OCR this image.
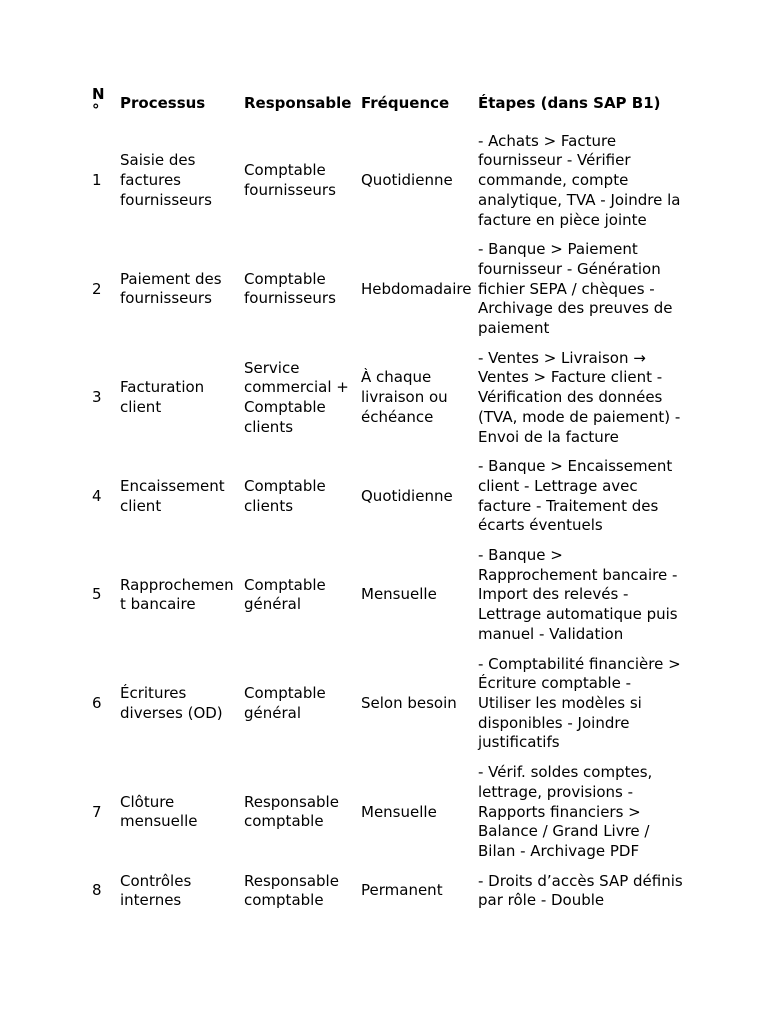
N°	Processus	Responsable	Fréquence	Étapes (dans SAP B1)
1	Saisie des factures fournisseurs	Comptable fournisseurs	Quotidienne	- Achats > Facture fournisseur - Vérifier commande, compte analytique, TVA - Joindre la facture en pièce jointe
2	Paiement des fournisseurs	Comptable fournisseurs	Hebdomadaire	- Banque > Paiement fournisseur - Génération fichier SEPA / chèques - Archivage des preuves de paiement
3	Facturation client	Service commercial + Comptable clients	À chaque livraison ou échéance	- Ventes > Livraison → Ventes > Facture client - Vérification des données (TVA, mode de paiement) - Envoi de la facture
4	Encaissement client	Comptable clients	Quotidienne	- Banque > Encaissement client - Lettrage avec facture - Traitement des écarts éventuels
5	Rapprochement bancaire	Comptable général	Mensuelle	- Banque > Rapprochement bancaire - Import des relevés - Lettrage automatique puis manuel - Validation
6	Écritures diverses (OD)	Comptable général	Selon besoin	- Comptabilité financière > Écriture comptable - Utiliser les modèles si disponibles - Joindre justificatifs
7	Clôture mensuelle	Responsable comptable	Mensuelle	- Vérif. soldes comptes, lettrage, provisions - Rapports financiers > Balance / Grand Livre / Bilan - Archivage PDF
8	Contrôles internes	Responsable comptable	Permanent	- Droits d’accès SAP définis par rôle - Double
